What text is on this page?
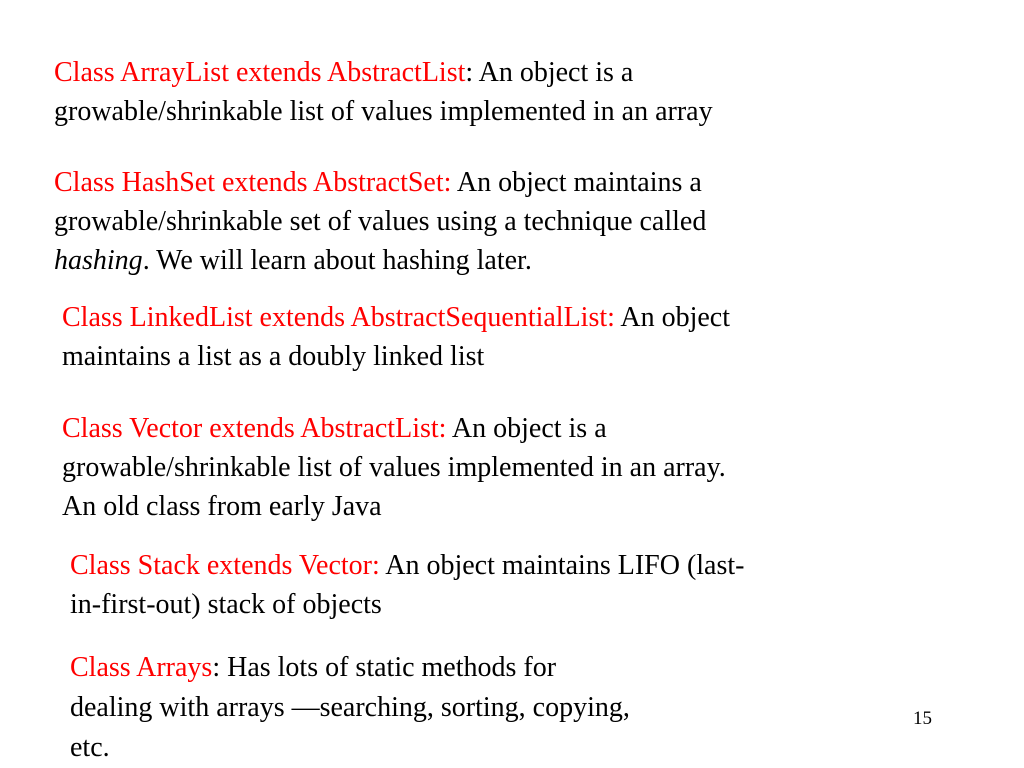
Class ArrayList extends AbstractList: An object is a
growable/shrinkable list of values implemented in an array
Class HashSet extends AbstractSet: An object maintains a
growable/shrinkable set of values using a technique called
hashing. We will learn about hashing later.
Class LinkedList extends AbstractSequentialList: An object
maintains a list as a doubly linked list
Class Vector extends AbstractList: An object is a
growable/shrinkable list of values implemented in an array.
An old class from early Java
Class Stack extends Vector: An object maintains LIFO (last-
in-first-out) stack of objects
Class Arrays: Has lots of static methods for
dealing with arrays —searching, sorting, copying,
etc.
15
